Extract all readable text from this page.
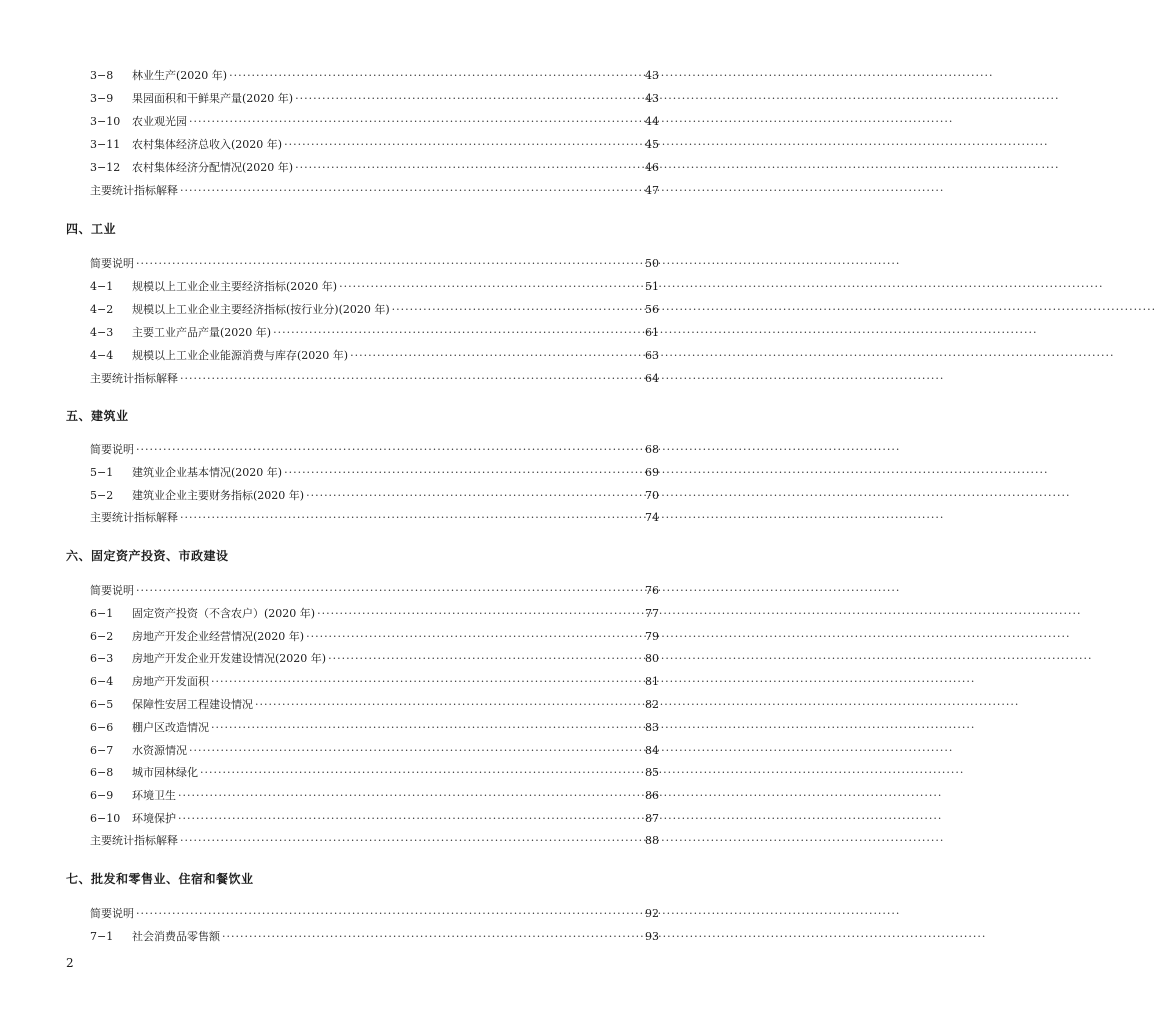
3−8	林业生产(2020 年) ·····	43
3−9	果园面积和干鲜果产量(2020 年) ·····	43
3−10	农业观光园 ·····	44
3−11	农村集体经济总收入(2020 年) ·····	45
3−12	农村集体经济分配情况(2020 年) ·····	46
主要统计指标解释 ·····	47
四、工业
简要说明 ·····	50
4−1	规模以上工业企业主要经济指标(2020 年) ·····	51
4−2	规模以上工业企业主要经济指标(按行业分)(2020 年) ·····	56
4−3	主要工业产品产量(2020 年) ·····	61
4−4	规模以上工业企业能源消费与库存(2020 年) ·····	63
主要统计指标解释 ·····	64
五、建筑业
简要说明 ·····	68
5−1	建筑业企业基本情况(2020 年) ·····	69
5−2	建筑业企业主要财务指标(2020 年) ·····	70
主要统计指标解释 ·····	74
六、固定资产投资、市政建设
简要说明 ·····	76
6−1	固定资产投资（不含农户）(2020 年) ·····	77
6−2	房地产开发企业经营情况(2020 年) ·····	79
6−3	房地产开发企业开发建设情况(2020 年) ·····	80
6−4	房地产开发面积 ·····	81
6−5	保障性安居工程建设情况 ·····	82
6−6	棚户区改造情况 ·····	83
6−7	水资源情况 ·····	84
6−8	城市园林绿化 ·····	85
6−9	环境卫生 ·····	86
6−10	环境保护 ·····	87
主要统计指标解释 ·····	88
七、批发和零售业、住宿和餐饮业
简要说明 ·····	92
7−1	社会消费品零售额 ·····	93
2
